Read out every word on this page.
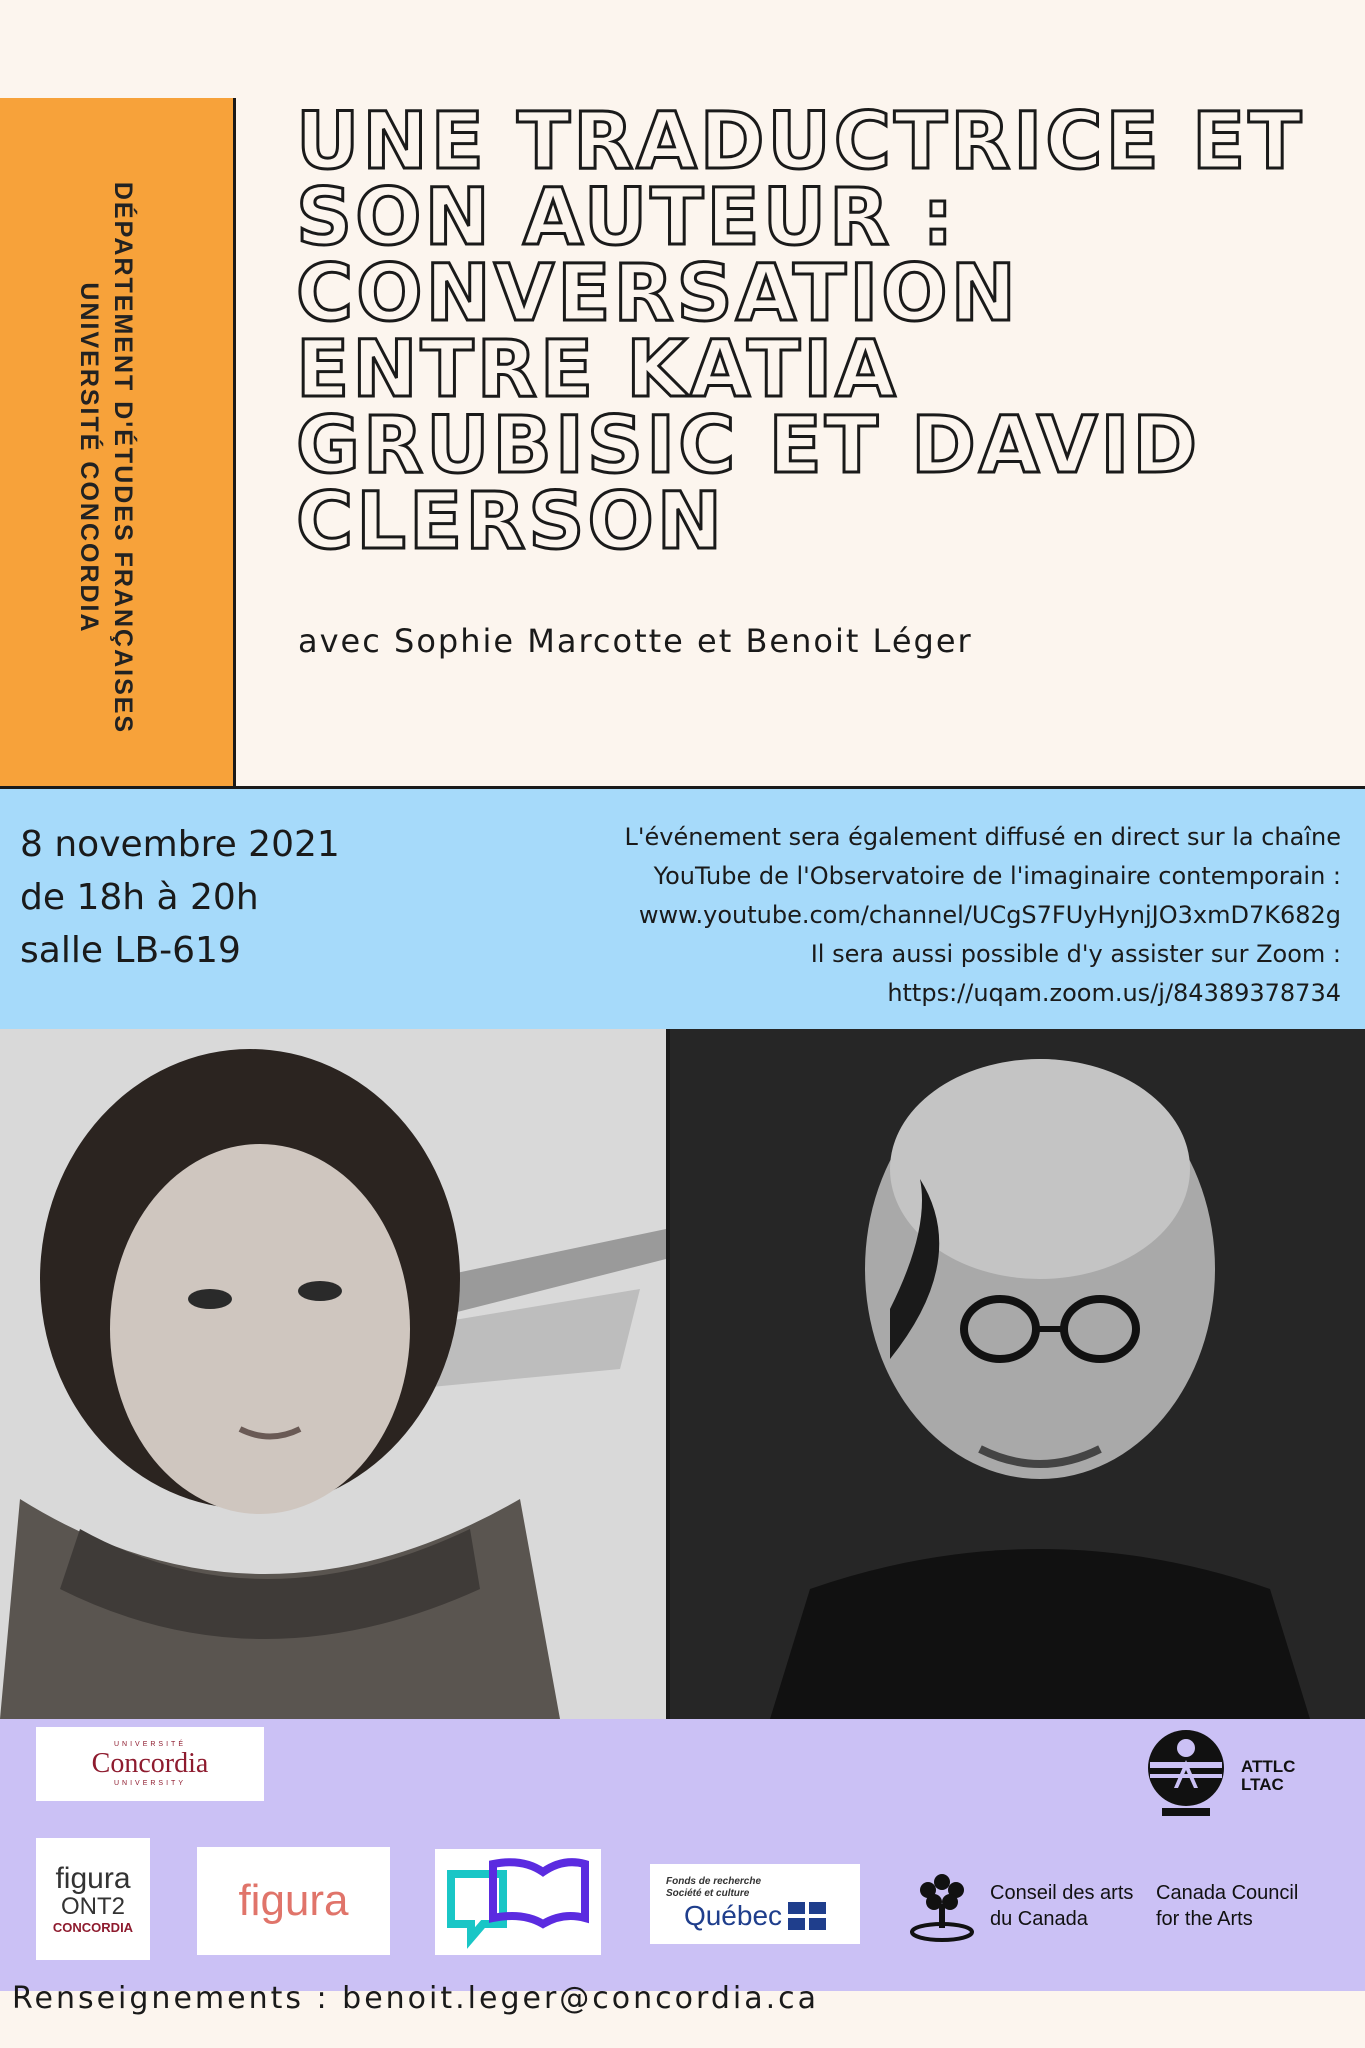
DÉPARTEMENT D'ÉTUDES FRANÇAISES
UNIVERSITÉ CONCORDIA
UNE TRADUCTRICE ET
SON AUTEUR :
CONVERSATION
ENTRE KATIA
GRUBISIC ET DAVID
CLERSON
avec Sophie Marcotte et Benoit Léger
8 novembre 2021
de 18h à 20h
salle LB-619
L'événement sera également diffusé en direct sur la chaîne
YouTube de l'Observatoire de l'imaginaire contemporain :
www.youtube.com/channel/UCgS7FUyHynjJO3xmD7K682g
Il sera aussi possible d'y assister sur Zoom :
https://uqam.zoom.us/j/84389378734
UNIVERSITÉ
Concordia
UNIVERSITY
ATTLC
LTAC
figura
ONT2
CONCORDIA
figura	Fonds de recherche
Société et culture
Québec
Conseil des arts
du Canada
Canada Council
for the Arts
Renseignements : benoit.leger@concordia.ca
